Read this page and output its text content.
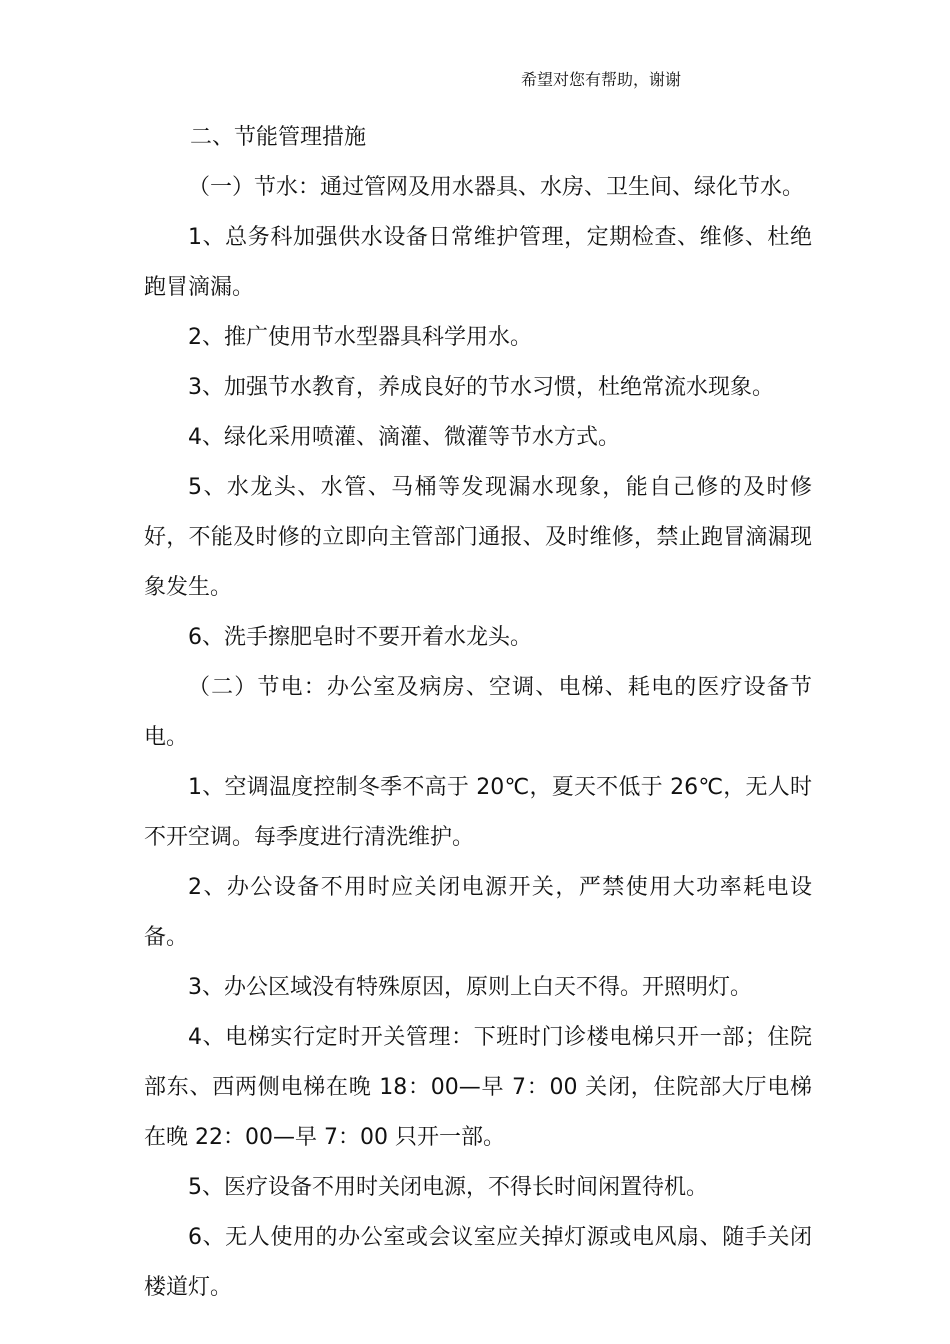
希望对您有帮助，谢谢

二、节能管理措施

（一）节水：通过管网及用水器具、水房、卫生间、绿化节水。

1、总务科加强供水设备日常维护管理，定期检查、维修、杜绝跑冒滴漏。

2、推广使用节水型器具科学用水。

3、加强节水教育，养成良好的节水习惯，杜绝常流水现象。

4、绿化采用喷灌、滴灌、微灌等节水方式。

5、水龙头、水管、马桶等发现漏水现象，能自己修的及时修好，不能及时修的立即向主管部门通报、及时维修，禁止跑冒滴漏现象发生。

6、洗手擦肥皂时不要开着水龙头。

（二）节电：办公室及病房、空调、电梯、耗电的医疗设备节电。

1、空调温度控制冬季不高于 20℃，夏天不低于 26℃，无人时不开空调。每季度进行清洗维护。

2、办公设备不用时应关闭电源开关，严禁使用大功率耗电设备。

3、办公区域没有特殊原因，原则上白天不得。开照明灯。

4、电梯实行定时开关管理：下班时门诊楼电梯只开一部；住院部东、西两侧电梯在晚 18：00—早 7：00 关闭，住院部大厅电梯在晚 22：00—早 7：00 只开一部。

5、医疗设备不用时关闭电源，不得长时间闲置待机。

6、无人使用的办公室或会议室应关掉灯源或电风扇、随手关闭楼道灯。
